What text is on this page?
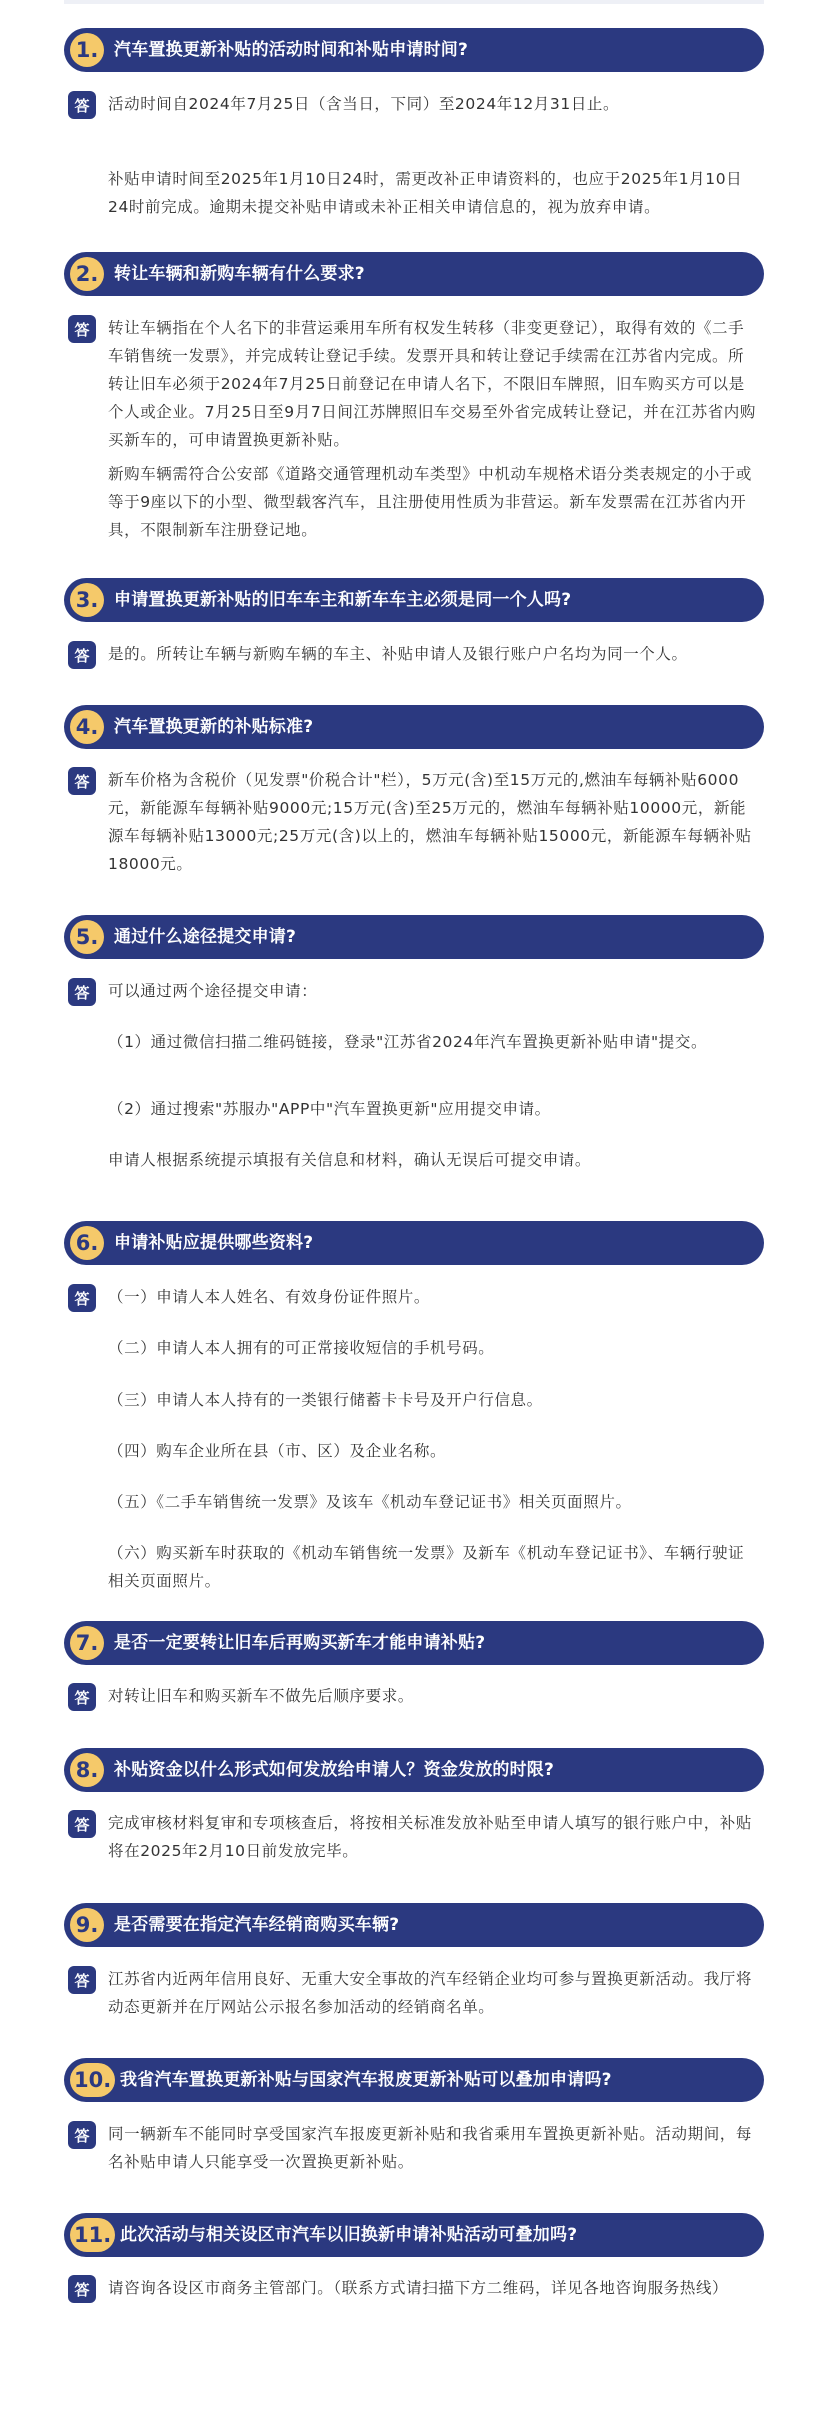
1. 汽车置换更新补贴的活动时间和补贴申请时间?
答	活动时间自2024年7月25日（含当日，下同）至2024年12月31日止。
补贴申请时间至2025年1月10日24时，需更改补正申请资料的，也应于2025年1月10日24时前完成。逾期未提交补贴申请或未补正相关申请信息的，视为放弃申请。
2. 转让车辆和新购车辆有什么要求?
答	转让车辆指在个人名下的非营运乘用车所有权发生转移（非变更登记），取得有效的《二手车销售统一发票》，并完成转让登记手续。发票开具和转让登记手续需在江苏省内完成。所转让旧车必须于2024年7月25日前登记在申请人名下，不限旧车牌照，旧车购买方可以是个人或企业。7月25日至9月7日间江苏牌照旧车交易至外省完成转让登记，并在江苏省内购买新车的，可申请置换更新补贴。
新购车辆需符合公安部《道路交通管理机动车类型》中机动车规格术语分类表规定的小于或等于9座以下的小型、微型载客汽车，且注册使用性质为非营运。新车发票需在江苏省内开具，不限制新车注册登记地。
3. 申请置换更新补贴的旧车车主和新车车主必须是同一个人吗?
答	是的。所转让车辆与新购车辆的车主、补贴申请人及银行账户户名均为同一个人。
4. 汽车置换更新的补贴标准?
答	新车价格为含税价（见发票"价税合计"栏），5万元(含)至15万元的,燃油车每辆补贴6000元，新能源车每辆补贴9000元;15万元(含)至25万元的，燃油车每辆补贴10000元，新能源车每辆补贴13000元;25万元(含)以上的，燃油车每辆补贴15000元，新能源车每辆补贴18000元。
5. 通过什么途径提交申请?
答	可以通过两个途径提交申请：
（1）通过微信扫描二维码链接，登录"江苏省2024年汽车置换更新补贴申请"提交。
（2）通过搜索"苏服办"APP中"汽车置换更新"应用提交申请。
申请人根据系统提示填报有关信息和材料，确认无误后可提交申请。
6. 申请补贴应提供哪些资料?
答	（一）申请人本人姓名、有效身份证件照片。
（二）申请人本人拥有的可正常接收短信的手机号码。
（三）申请人本人持有的一类银行储蓄卡卡号及开户行信息。
（四）购车企业所在县（市、区）及企业名称。
（五）《二手车销售统一发票》及该车《机动车登记证书》相关页面照片。
（六）购买新车时获取的《机动车销售统一发票》及新车《机动车登记证书》、车辆行驶证相关页面照片。
7. 是否一定要转让旧车后再购买新车才能申请补贴?
答	对转让旧车和购买新车不做先后顺序要求。
8. 补贴资金以什么形式如何发放给申请人？资金发放的时限?
答	完成审核材料复审和专项核查后，将按相关标准发放补贴至申请人填写的银行账户中，补贴将在2025年2月10日前发放完毕。
9. 是否需要在指定汽车经销商购买车辆?
答	江苏省内近两年信用良好、无重大安全事故的汽车经销企业均可参与置换更新活动。我厅将动态更新并在厅网站公示报名参加活动的经销商名单。
10. 我省汽车置换更新补贴与国家汽车报废更新补贴可以叠加申请吗?
答	同一辆新车不能同时享受国家汽车报废更新补贴和我省乘用车置换更新补贴。活动期间，每名补贴申请人只能享受一次置换更新补贴。
11. 此次活动与相关设区市汽车以旧换新申请补贴活动可叠加吗?
答	请咨询各设区市商务主管部门。（联系方式请扫描下方二维码，详见各地咨询服务热线）
